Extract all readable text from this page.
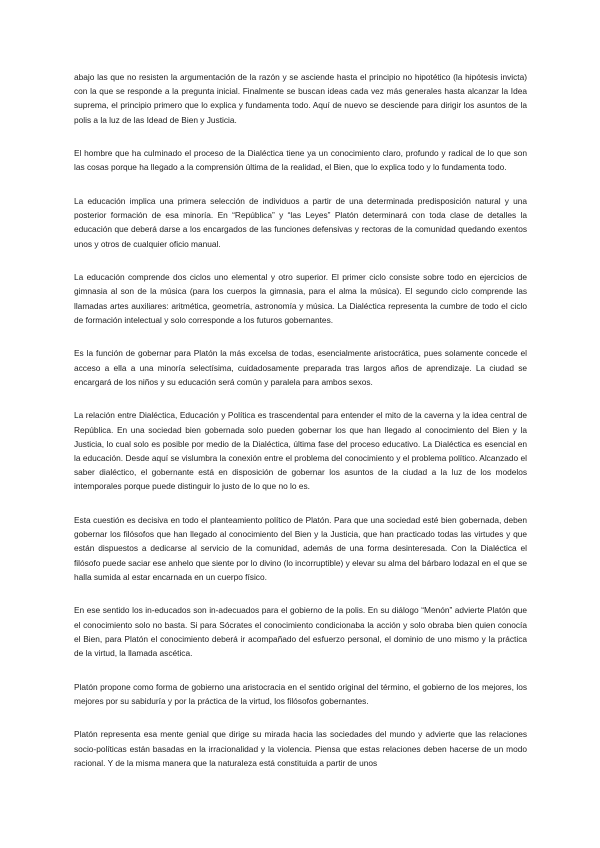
abajo las que no resisten la argumentación de la razón y se asciende hasta el principio no hipotético (la hipótesis invicta) con la que se responde a la pregunta inicial. Finalmente se buscan ideas cada vez más generales hasta alcanzar la Idea suprema, el principio primero que lo explica y fundamenta todo. Aquí de nuevo se desciende para dirigir los asuntos de la polis a la luz de las Idead de Bien y Justicia.

El hombre que ha culminado el proceso de la Dialéctica tiene ya un conocimiento claro, profundo y radical de lo que son las cosas porque ha llegado a la comprensión última de la realidad, el Bien, que lo explica todo y lo fundamenta todo.

La educación implica una primera selección de individuos a partir de una determinada predisposición natural y una posterior formación de esa minoría. En “República” y “las Leyes” Platón determinará con toda clase de detalles la educación que deberá darse a los encargados de las funciones defensivas y rectoras de la comunidad quedando exentos unos y otros de cualquier oficio manual.

La educación comprende dos ciclos uno elemental y otro superior. El primer ciclo consiste sobre todo en ejercicios de gimnasia al son de la música (para los cuerpos la gimnasia, para el alma la música). El segundo ciclo comprende las llamadas artes auxiliares: aritmética, geometría, astronomía y música. La Dialéctica representa la cumbre de todo el ciclo de formación intelectual y solo corresponde a los futuros gobernantes.

Es la función de gobernar para Platón la más excelsa de todas, esencialmente aristocrática, pues solamente concede el acceso a ella a una minoría selectísima, cuidadosamente preparada tras largos años de aprendizaje. La ciudad se encargará de los niños y su educación será común y paralela para ambos sexos.

La relación entre Dialéctica, Educación y Política es trascendental para entender el mito de la caverna y la idea central de República. En una sociedad bien gobernada solo pueden gobernar los que han llegado al conocimiento del Bien y la Justicia, lo cual solo es posible por medio de la Dialéctica, última fase del proceso educativo. La Dialéctica es esencial en la educación. Desde aquí se vislumbra la conexión entre el problema del conocimiento y el problema político. Alcanzado el saber dialéctico, el gobernante está en disposición de gobernar los asuntos de la ciudad a la luz de los modelos intemporales porque puede distinguir lo justo de lo que no lo es.

Esta cuestión es decisiva en todo el planteamiento político de Platón. Para que una sociedad esté bien gobernada, deben gobernar los filósofos que han llegado al conocimiento del Bien y la Justicia, que han practicado todas las virtudes y que están dispuestos a dedicarse al servicio de la comunidad, además de una forma desinteresada. Con la Dialéctica el filósofo puede saciar ese anhelo que siente por lo divino (lo incorruptible) y elevar su alma del bárbaro lodazal en el que se halla sumida al estar encarnada en un cuerpo físico.

En ese sentido los in-educados son in-adecuados para el gobierno de la polis. En su diálogo “Menón” advierte Platón que el conocimiento solo no basta. Si para Sócrates el conocimiento condicionaba la acción y solo obraba bien quien conocía el Bien, para Platón el conocimiento deberá ir acompañado del esfuerzo personal, el dominio de uno mismo y la práctica de la virtud, la llamada ascética.

Platón propone como forma de gobierno una aristocracia en el sentido original del término, el gobierno de los mejores, los mejores por su sabiduría y por la práctica de la virtud, los filósofos gobernantes.

Platón representa esa mente genial que dirige su mirada hacia las sociedades del mundo y advierte que las relaciones socio-políticas están basadas en la irracionalidad y la violencia. Piensa que estas relaciones deben hacerse de un modo racional. Y de la misma manera que la naturaleza está constituida a partir de unos
